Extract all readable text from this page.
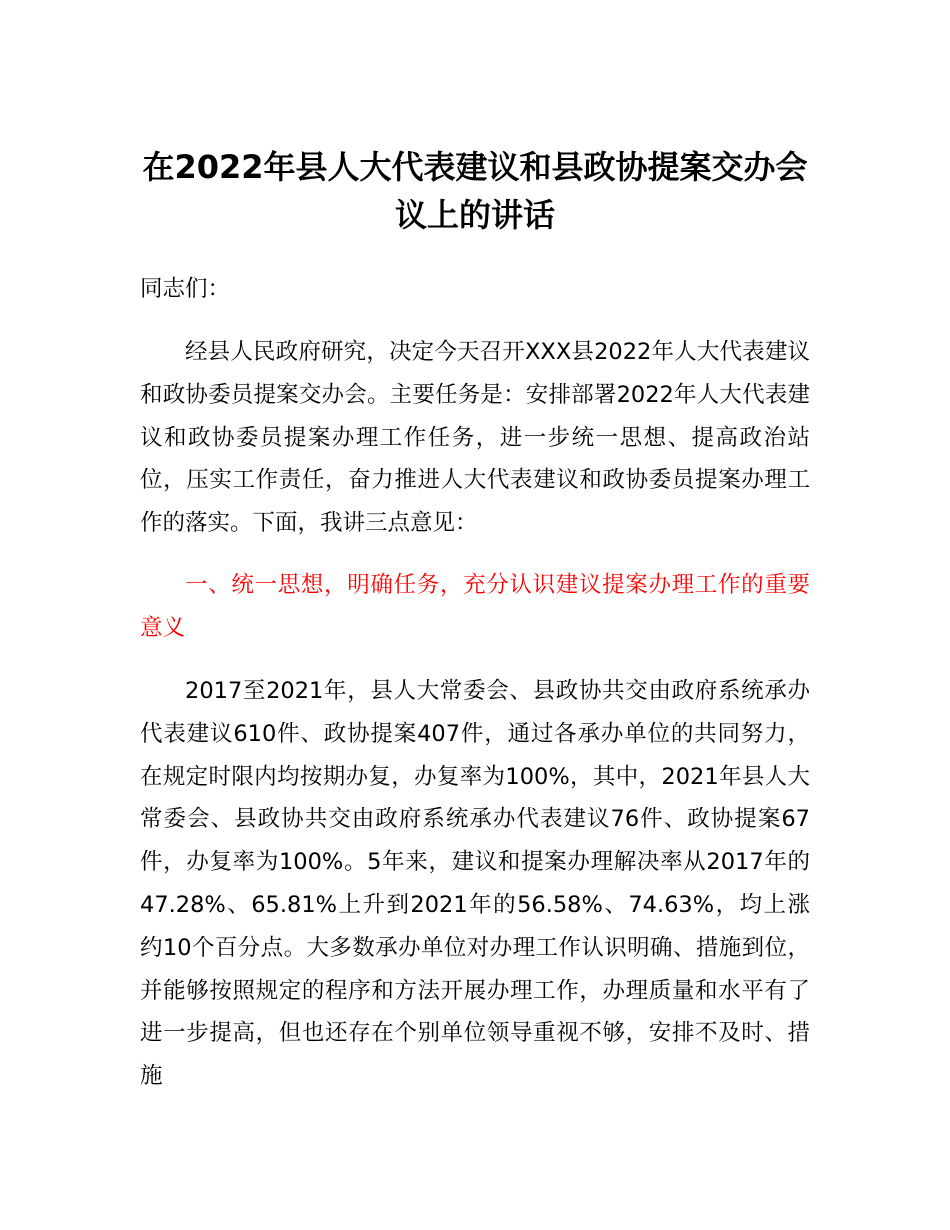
在2022年县人大代表建议和县政协提案交办会议上的讲话

同志们：

经县人民政府研究，决定今天召开XXX县2022年人大代表建议和政协委员提案交办会。主要任务是：安排部署2022年人大代表建议和政协委员提案办理工作任务，进一步统一思想、提高政治站位，压实工作责任，奋力推进人大代表建议和政协委员提案办理工作的落实。下面，我讲三点意见：

一、统一思想，明确任务，充分认识建议提案办理工作的重要意义

2017至2021年，县人大常委会、县政协共交由政府系统承办代表建议610件、政协提案407件，通过各承办单位的共同努力，在规定时限内均按期办复，办复率为100%，其中，2021年县人大常委会、县政协共交由政府系统承办代表建议76件、政协提案67件，办复率为100%。5年来，建议和提案办理解决率从2017年的47.28%、65.81%上升到2021年的56.58%、74.63%，均上涨约10个百分点。大多数承办单位对办理工作认识明确、措施到位，并能够按照规定的程序和方法开展办理工作，办理质量和水平有了进一步提高，但也还存在个别单位领导重视不够，安排不及时、措施
